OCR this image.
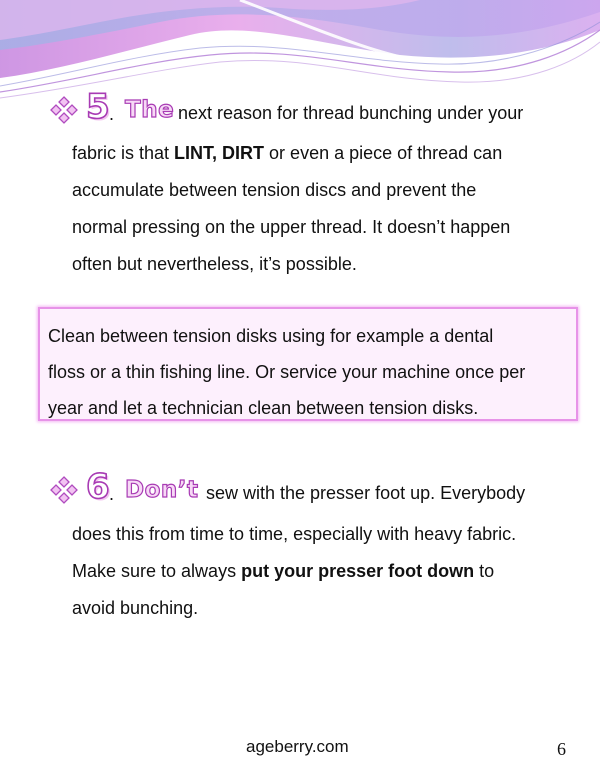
5 . The next reason for thread bunching under your
fabric is that LINT, DIRT or even a piece of thread can
accumulate between tension discs and prevent the
normal pressing on the upper thread. It doesn’t happen
often but nevertheless, it’s possible.
Clean between tension disks using for example a dental
floss or a thin fishing line. Or service your machine once per
year and let a technician clean between tension disks.
6 . Don’t sew with the presser foot up. Everybody
does this from time to time, especially with heavy fabric.
Make sure to always put your presser foot down to
avoid bunching.
ageberry.com	6
